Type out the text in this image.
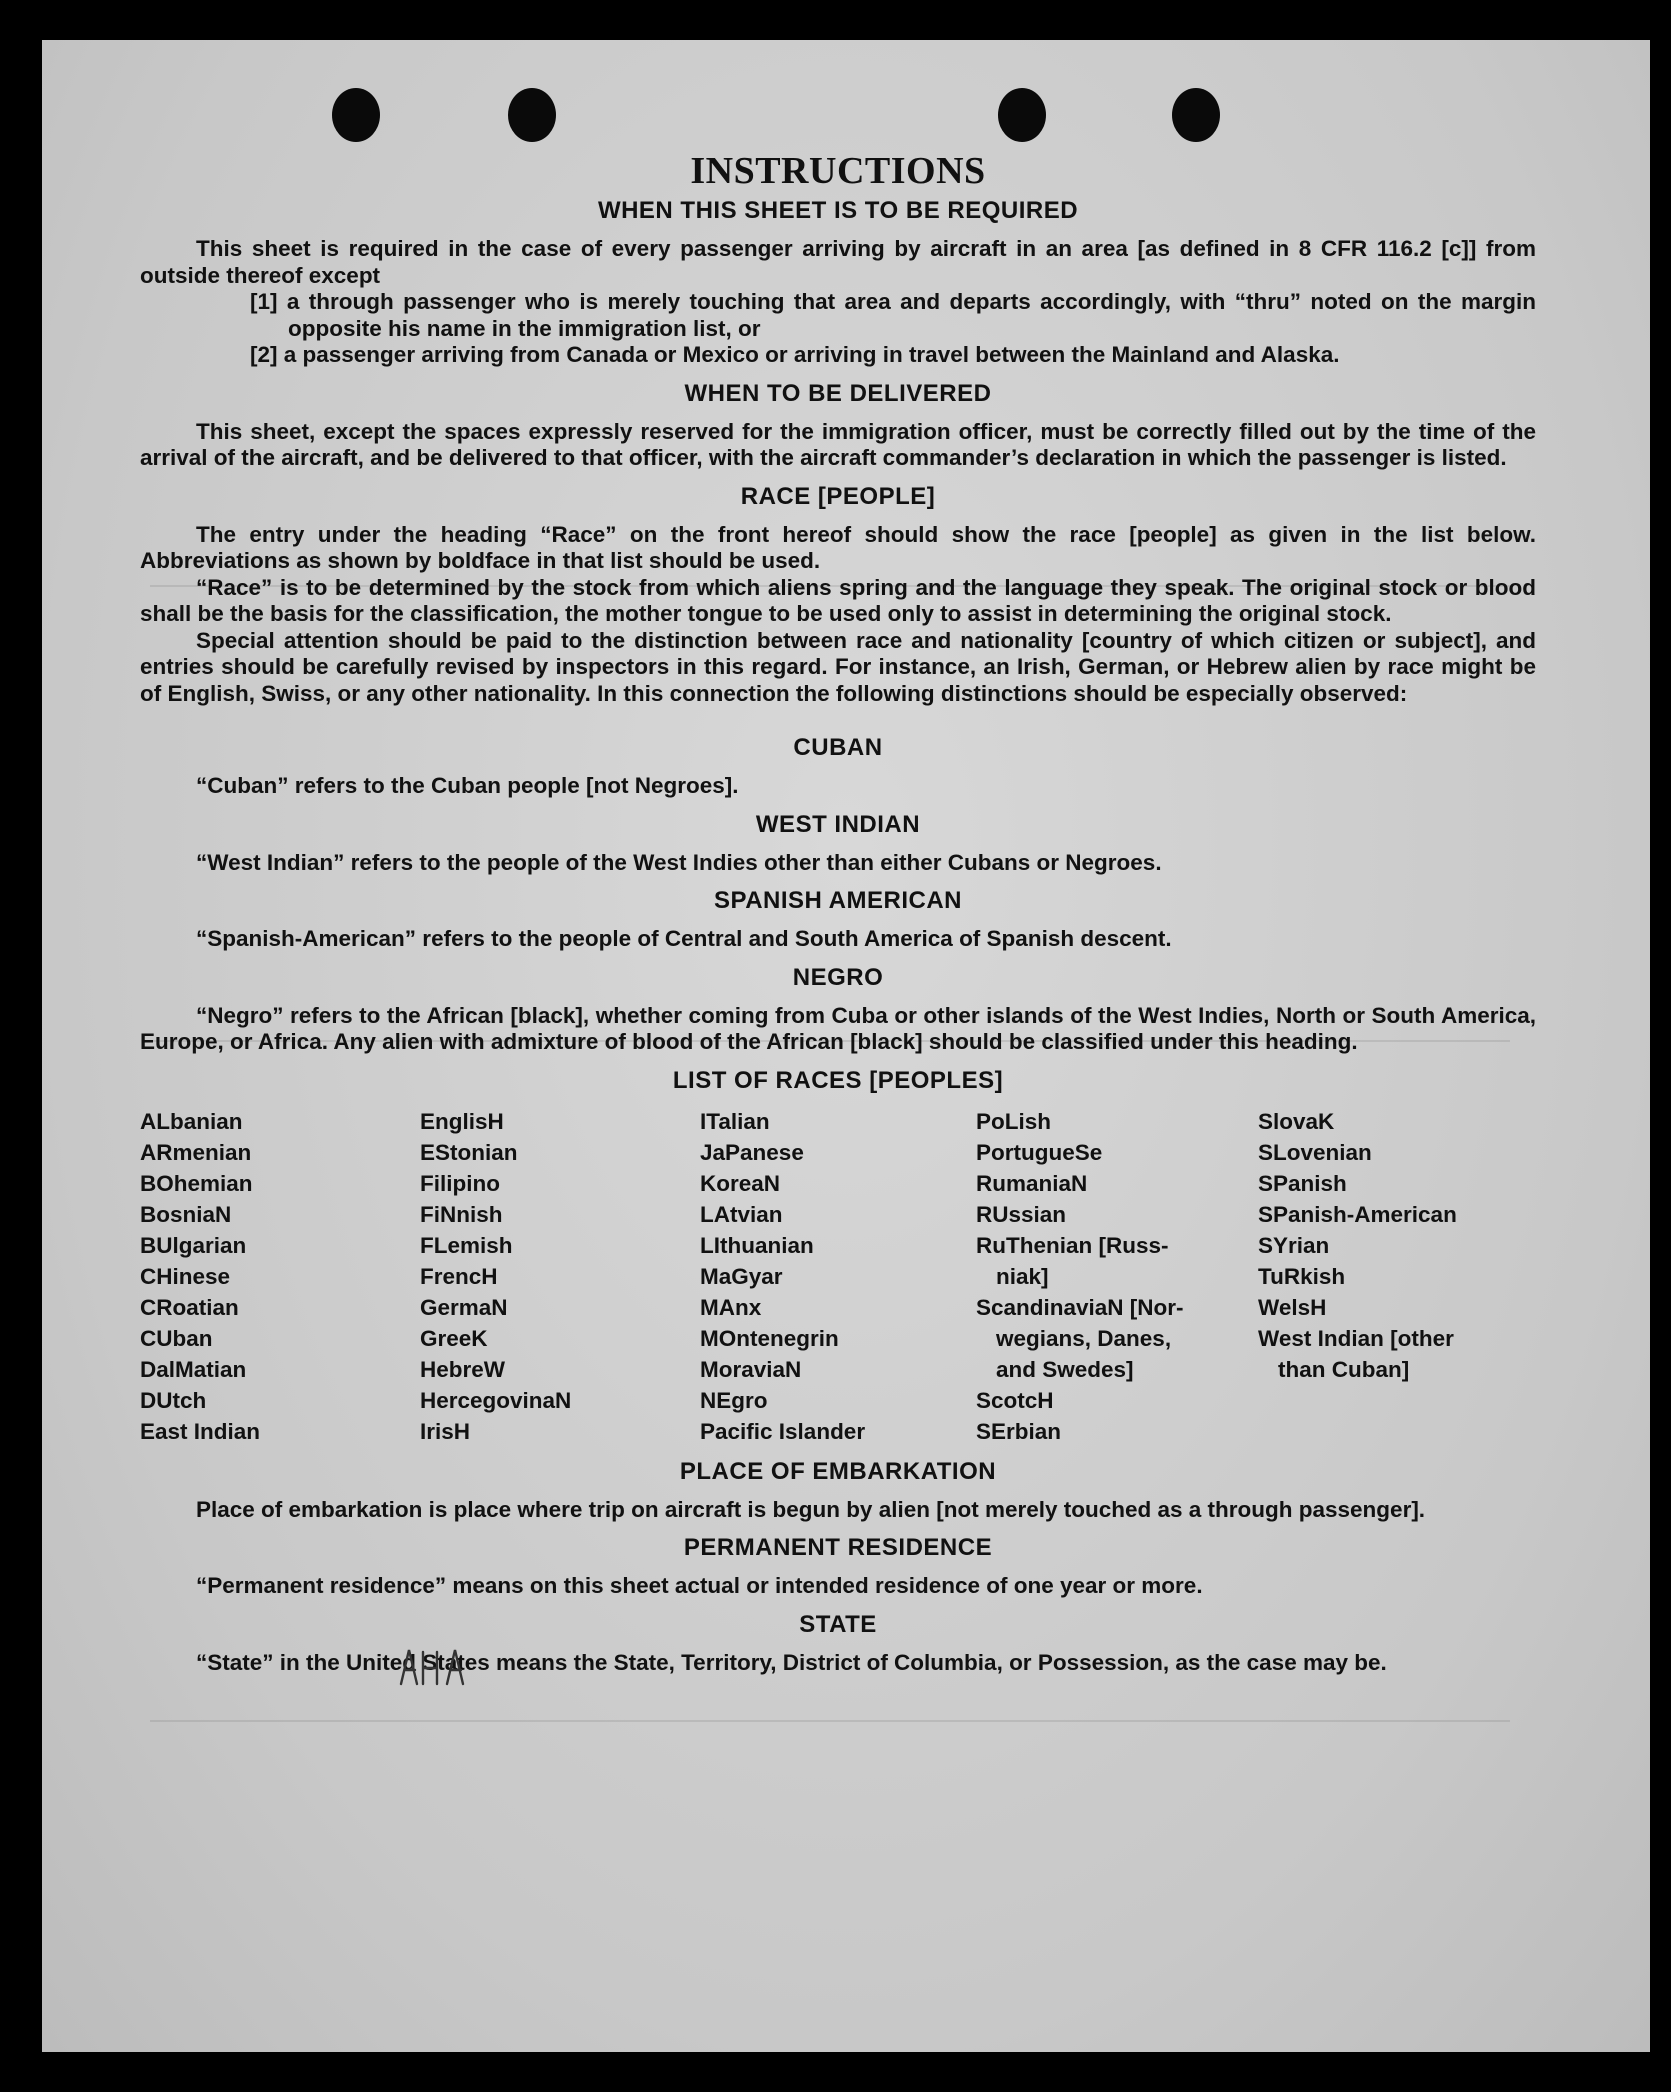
INSTRUCTIONS
WHEN THIS SHEET IS TO BE REQUIRED

This sheet is required in the case of every passenger arriving by aircraft in an area [as defined in 8 CFR 116.2 [c]] from outside thereof except

[1] a through passenger who is merely touching that area and departs accordingly, with “thru” noted on the margin opposite his name in the immigration list, or

[2] a passenger arriving from Canada or Mexico or arriving in travel between the Mainland and Alaska.

WHEN TO BE DELIVERED

This sheet, except the spaces expressly reserved for the immigration officer, must be correctly filled out by the time of the arrival of the aircraft, and be delivered to that officer, with the aircraft commander’s declaration in which the passenger is listed.

RACE [PEOPLE]

The entry under the heading “Race” on the front hereof should show the race [people] as given in the list below. Abbreviations as shown by boldface in that list should be used.

“Race” is to be determined by the stock from which aliens spring and the language they speak. The original stock or blood shall be the basis for the classification, the mother tongue to be used only to assist in determining the original stock.

Special attention should be paid to the distinction between race and nationality [country of which citizen or subject], and entries should be carefully revised by inspectors in this regard. For instance, an Irish, German, or Hebrew alien by race might be of English, Swiss, or any other nationality. In this connection the following distinctions should be especially observed:

CUBAN

“Cuban” refers to the Cuban people [not Negroes].

WEST INDIAN

“West Indian” refers to the people of the West Indies other than either Cubans or Negroes.

SPANISH AMERICAN

“Spanish-American” refers to the people of Central and South America of Spanish descent.

NEGRO

“Negro” refers to the African [black], whether coming from Cuba or other islands of the West Indies, North or South America, Europe, or Africa. Any alien with admixture of blood of the African [black] should be classified under this heading.

LIST OF RACES [PEOPLES]
ALbanian
ARmenian
BOhemian
BosniaN
BUlgarian
CHinese
CRoatian
CUban
DalMatian
DUtch
East Indian
EnglisH
EStonian
Filipino
FiNnish
FLemish
FrencH
GermaN
GreeK
HebreW
HercegovinaN
IrisH
ITalian
JaPanese
KoreaN
LAtvian
LIthuanian
MaGyar
MAnx
MOntenegrin
MoraviaN
NEgro
Pacific Islander
PoLish
PortugueSe
RumaniaN
RUssian
RuThenian [Russ-
niak]
ScandinaviaN [Nor-
wegians, Danes,
and Swedes]
ScotcH
SErbian
SlovaK
SLovenian
SPanish
SPanish-American
SYrian
TuRkish
WelsH
West Indian [other
than Cuban]
PLACE OF EMBARKATION

Place of embarkation is place where trip on aircraft is begun by alien [not merely touched as a through passenger].

PERMANENT RESIDENCE

“Permanent residence” means on this sheet actual or intended residence of one year or more.

STATE

“State” in the United States means the State, Territory, District of Columbia, or Possession, as the case may be.
